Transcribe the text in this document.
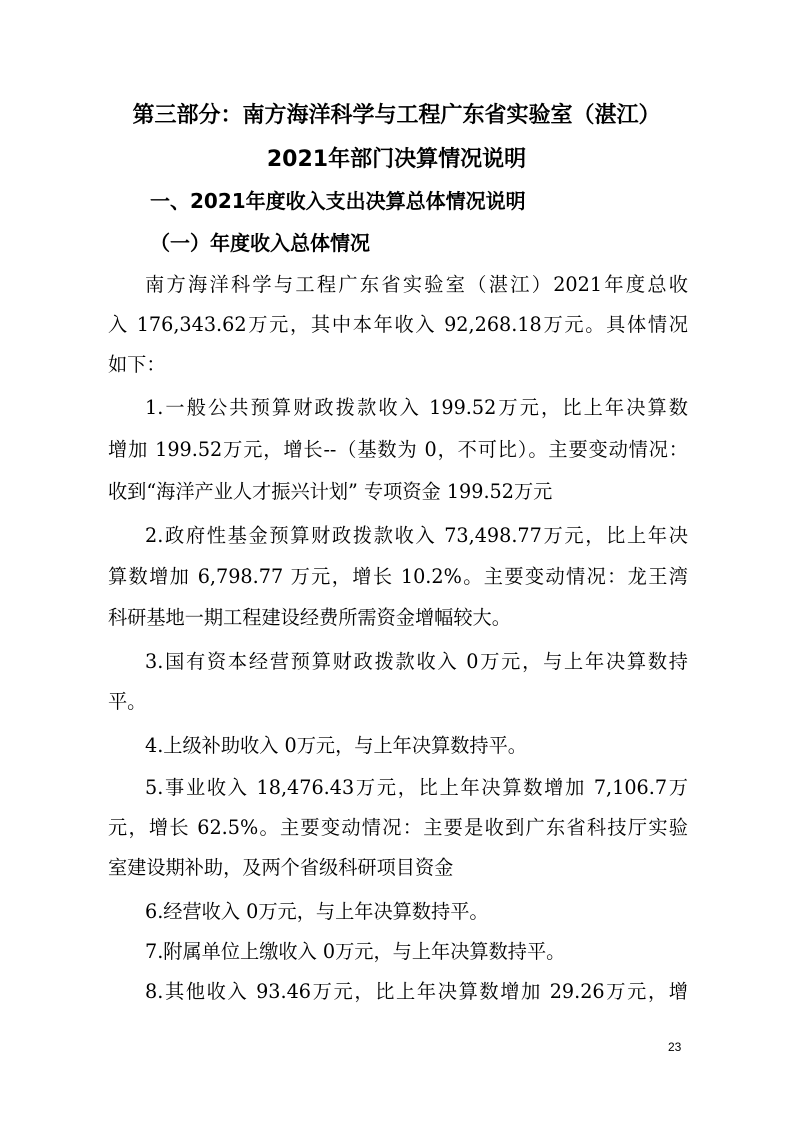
第三部分：南方海洋科学与工程广东省实验室（湛江）
2021年部门决算情况说明
一、2021年度收入支出决算总体情况说明
（一）年度收入总体情况
南方海洋科学与工程广东省实验室（湛江）2021年度总收
入 176,343.62万元，其中本年收入 92,268.18万元。具体情况
如下：
1.一般公共预算财政拨款收入 199.52万元，比上年决算数
增加 199.52万元，增长--（基数为 0，不可比）。主要变动情况：
收到“海洋产业人才振兴计划” 专项资金 199.52万元
2.政府性基金预算财政拨款收入 73,498.77万元，比上年决
算数增加 6,798.77 万元，增长 10.2%。主要变动情况：龙王湾
科研基地一期工程建设经费所需资金增幅较大。
3.国有资本经营预算财政拨款收入 0万元，与上年决算数持
平。
4.上级补助收入 0万元，与上年决算数持平。
5.事业收入 18,476.43万元，比上年决算数增加 7,106.7万
元，增长 62.5%。主要变动情况：主要是收到广东省科技厅实验
室建设期补助，及两个省级科研项目资金
6.经营收入 0万元，与上年决算数持平。
7.附属单位上缴收入 0万元，与上年决算数持平。
8.其他收入 93.46万元，比上年决算数增加 29.26万元，增
23
